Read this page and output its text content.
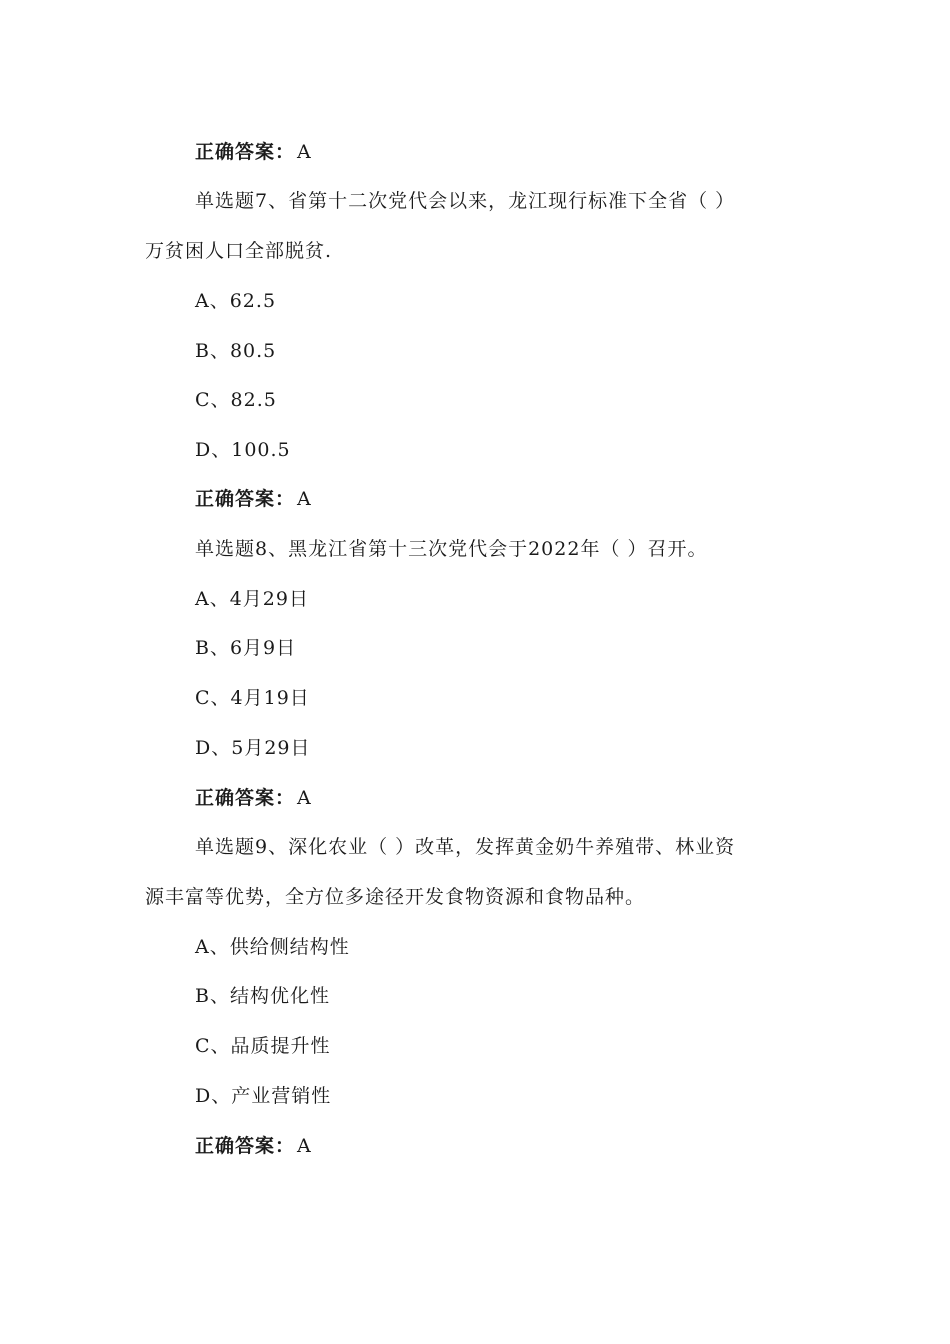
正确答案： A
单选题7、省第十二次党代会以来，龙江现行标准下全省（ ）
万贫困人口全部脱贫.
A、62.5
B、80.5
C、82.5
D、100.5
正确答案： A
单选题8、黑龙江省第十三次党代会于2022年（ ）召开。
A、4月29日
B、6月9日
C、4月19日
D、5月29日
正确答案： A
单选题9、深化农业（ ）改革，发挥黄金奶牛养殖带、林业资
源丰富等优势，全方位多途径开发食物资源和食物品种。
A、供给侧结构性
B、结构优化性
C、品质提升性
D、产业营销性
正确答案： A
